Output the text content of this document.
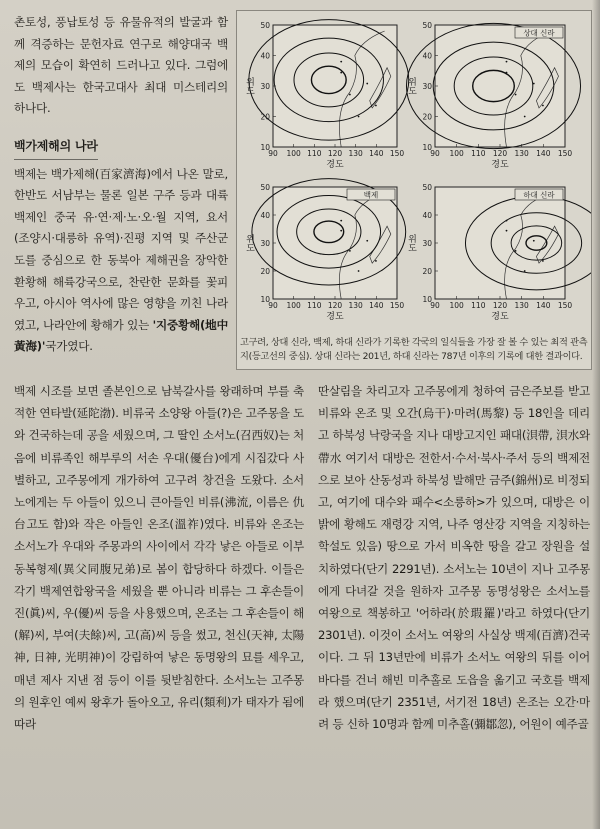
촌토성, 풍납토성 등 유물유적의 발굴과 함께 격증하는 문헌자료 연구로 해양대국 백제의 모습이 확연히 드러나고 있다. 그럼에도 백제사는 한국고대사 최대 미스테리의 하나다.

백가제해의 나라

백제는 백가제해(百家濟海)에서 나온 말로, 한반도 서남부는 물론 일본 구주 등과 대륙백제인 중국 유·연·제·노·오·월 지역, 요서(조양시·대릉하 유역)·진평 지역 및 주산군도를 중심으로 한 동북아 제해권을 장악한 환황해 해륙강국으로, 찬란한 문화를 꽃피우고, 아시아 역사에 많은 영향을 끼친 나라였고, 나라안에 황해가 있는 '지중황해(地中黃海)'국가였다.

90 100 110 120 130 140 150
50
40
30
20
10
위도
경도
90 100 110 120 130 140 150
50
40
30
20
10
상대 신라
위도
경도
90 100 110 120 130 140 150
50
40
30
20
10
백제
위도
경도
90 100 110 120 130 140 150
50
40
30
20
10
하대 신라
위도
경도
고구려, 상대 신라, 백제, 하대 신라가 기록한 각국의 일식들을 가장 잘 볼 수 있는 최적 관측지(등고선의 중심). 상대 신라는 201년, 하대 신라는 787년 이후의 기록에 대한 결과이다.

백제 시조를 보면 졸본인으로 남북갈사를 왕래하며 부를 축적한 연타발(延陀渤). 비류국 소양왕 아들(?)은 고주몽을 도와 건국하는데 공을 세웠으며, 그 딸인 소서노(召西奴)는 처음에 비류족인 해부루의 서손 우대(優台)에게 시집갔다 사별하고, 고주몽에게 개가하여 고구려 창건을 도왔다. 소서노에게는 두 아들이 있으니 큰아들인 비류(沸流, 이름은 仇台고도 함)와 작은 아들인 온조(溫祚)였다. 비류와 온조는 소서노가 우대와 주몽과의 사이에서 각각 낳은 아들로 이부동복형제(異父同腹兄弟)로 봄이 합당하다 하겠다. 이들은 각기 백제연합왕국을 세웠을 뿐 아니라 비류는 그 후손들이 진(眞)씨, 우(優)씨 등을 사용했으며, 온조는 그 후손들이 해(解)씨, 부여(夫餘)씨, 고(高)씨 등을 썼고, 천신(天神, 太陽神, 日神, 光明神)이 강림하여 낳은 동명왕의 묘를 세우고, 매년 제사 지낸 점 등이 이를 뒷받침한다. 소서노는 고주몽의 원후인 예씨 왕후가 돌아오고, 유리(類利)가 태자가 됨에 따라

딴살림을 차리고자 고주몽에게 청하여 금은주보를 받고 비류와 온조 및 오간(烏干)·마려(馬黎) 등 18인을 데리고 하북성 낙랑국을 지나 대방고지인 패대(浿帶, 浿水와 帶水 여기서 대방은 전한서·수서·북사·주서 등의 백제전으로 보아 산동성과 하북성 발해만 금주(錦州)로 비정되고, 여기에 대수와 패수<소릉하>가 있으며, 대방은 이밝에 황해도 재령강 지역, 나주 영산강 지역을 지칭하는 학설도 있음) 땅으로 가서 비옥한 땅을 갈고 장원을 설치하였다(단기 2291년). 소서노는 10년이 지나 고주몽에게 다녀갈 것을 원하자 고주몽 동명성왕은 소서노를 여왕으로 책봉하고 '어하라(於瑕羅)'라고 하였다(단기 2301년). 이것이 소서노 여왕의 사실상 백제(百濟)건국이다. 그 뒤 13년만에 비류가 소서노 여왕의 뒤를 이어 바다를 건너 해빈 미추홀로 도읍을 옮기고 국호를 백제라 했으며(단기 2351년, 서기전 18년) 온조는 오간·마려 등 신하 10명과 함께 미추홀(彌鄒忽), 어원이 예주골
